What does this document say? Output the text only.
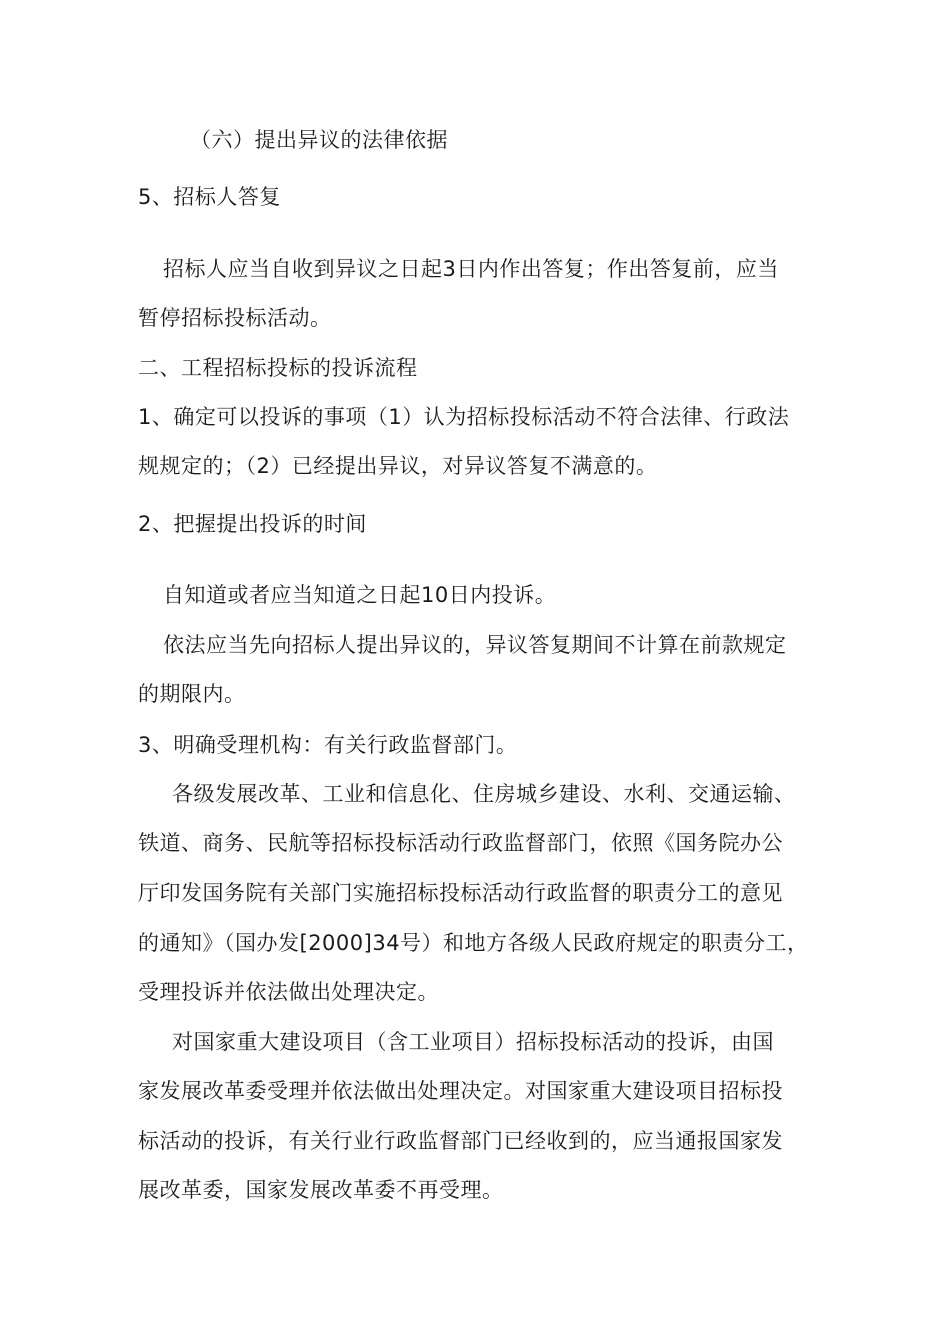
（六）提出异议的法律依据
5、招标人答复
招标人应当自收到异议之日起3日内作出答复；作出答复前，应当
暂停招标投标活动。
二、工程招标投标的投诉流程
1、确定可以投诉的事项（1）认为招标投标活动不符合法律、行政法
规规定的；（2）已经提出异议，对异议答复不满意的。
2、把握提出投诉的时间
自知道或者应当知道之日起10日内投诉。
依法应当先向招标人提出异议的，异议答复期间不计算在前款规定
的期限内。
3、明确受理机构：有关行政监督部门。
各级发展改革、工业和信息化、住房城乡建设、水利、交通运输、
铁道、商务、民航等招标投标活动行政监督部门，依照《国务院办公
厅印发国务院有关部门实施招标投标活动行政监督的职责分工的意见
的通知》（国办发[2000]34号）和地方各级人民政府规定的职责分工，
受理投诉并依法做出处理决定。
对国家重大建设项目（含工业项目）招标投标活动的投诉，由国
家发展改革委受理并依法做出处理决定。对国家重大建设项目招标投
标活动的投诉，有关行业行政监督部门已经收到的，应当通报国家发
展改革委，国家发展改革委不再受理。
